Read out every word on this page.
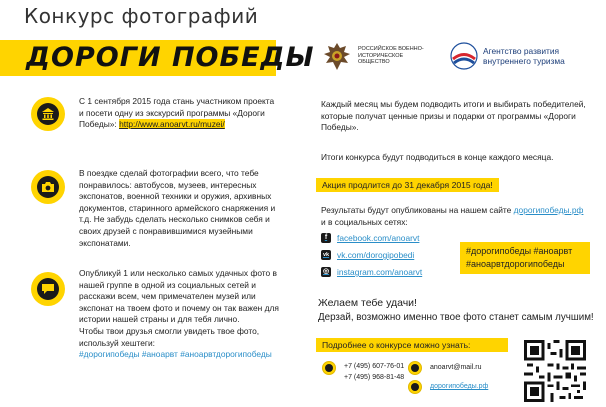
Конкурс фотографий
ДОРОГИ ПОБЕДЫ	РОССИЙСКОЕ ВОЕННО-ИСТОРИЧЕСКОЕ ОБЩЕСТВО
Агентство развития
внутреннего туризма
С 1 сентября 2015 года стань участником проекта и посети одну из экскурсий программы «Дороги Победы»: http://www.anoarvt.ru/muzei/
В поездке сделай фотографии всего, что тебе понравилось: автобусов, музеев, интересных экспонатов, военной техники и оружия, архивных документов, старинного армейского снаряжения и т.д. Не забудь сделать несколько снимков себя и своих друзей с понравившимися музейными экспонатами.
Опубликуй 1 или несколько самых удачных фото в нашей группе в одной из социальных сетей и расскажи всем, чем примечателен музей или экспонат на твоем фото и почему он так важен для истории нашей страны и для тебя лично.
Чтобы твои друзья смогли увидеть твое фото, используй хештеги:
#дорогипобеды #аноарвт #аноарвтдорогипобеды
Каждый месяц мы будем подводить итоги и выбирать победителей, которые получат ценные призы и подарки от программы «Дороги Победы».
Итоги конкурса будут подводиться в конце каждого месяца.
Акция продлится до 31 декабря 2015 года!
Результаты будут опубликованы на нашем сайте дорогипобеды.рф
и в социальных сетях:
f	facebook.com/anoarvt
vk vk.com/dorogipobedi
◎ instagram.com/anoarvt
#дорогипобеды #аноарвт
#аноарвтдорогипобеды
Желаем тебе удачи!
Дерзай, возможно именно твое фото станет самым лучшим!
Подробнее о конкурсе можно узнать:
+7 (495) 607-76-01
+7 (495) 968-81-48
anoarvt@mail.ru
дорогипобеды.рф
